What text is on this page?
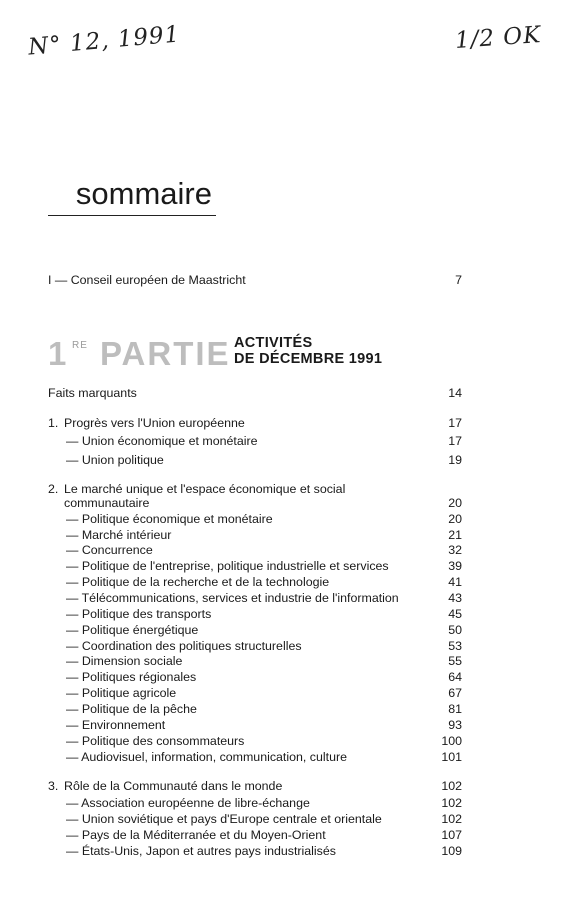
N° 12, 1991	1/2 OK
sommaire
I — Conseil européen de Maastricht	7
1 RE PARTIE ACTIVITÉS
DE DÉCEMBRE 1991
Faits marquants	14
1. Progrès vers l'Union européenne	17
— Union économique et monétaire	17
— Union politique	19
2. Le marché unique et l'espace économique et social
communautaire	20
— Politique économique et monétaire	20
— Marché intérieur	21
— Concurrence	32
— Politique de l'entreprise, politique industrielle et services	39
— Politique de la recherche et de la technologie	41
— Télécommunications, services et industrie de l'information	43
— Politique des transports	45
— Politique énergétique	50
— Coordination des politiques structurelles	53
— Dimension sociale	55
— Politiques régionales	64
— Politique agricole	67
— Politique de la pêche	81
— Environnement	93
— Politique des consommateurs	100
— Audiovisuel, information, communication, culture	101
3. Rôle de la Communauté dans le monde	102
— Association européenne de libre-échange	102
— Union soviétique et pays d'Europe centrale et orientale	102
— Pays de la Méditerranée et du Moyen-Orient	107
— États-Unis, Japon et autres pays industrialisés	109
